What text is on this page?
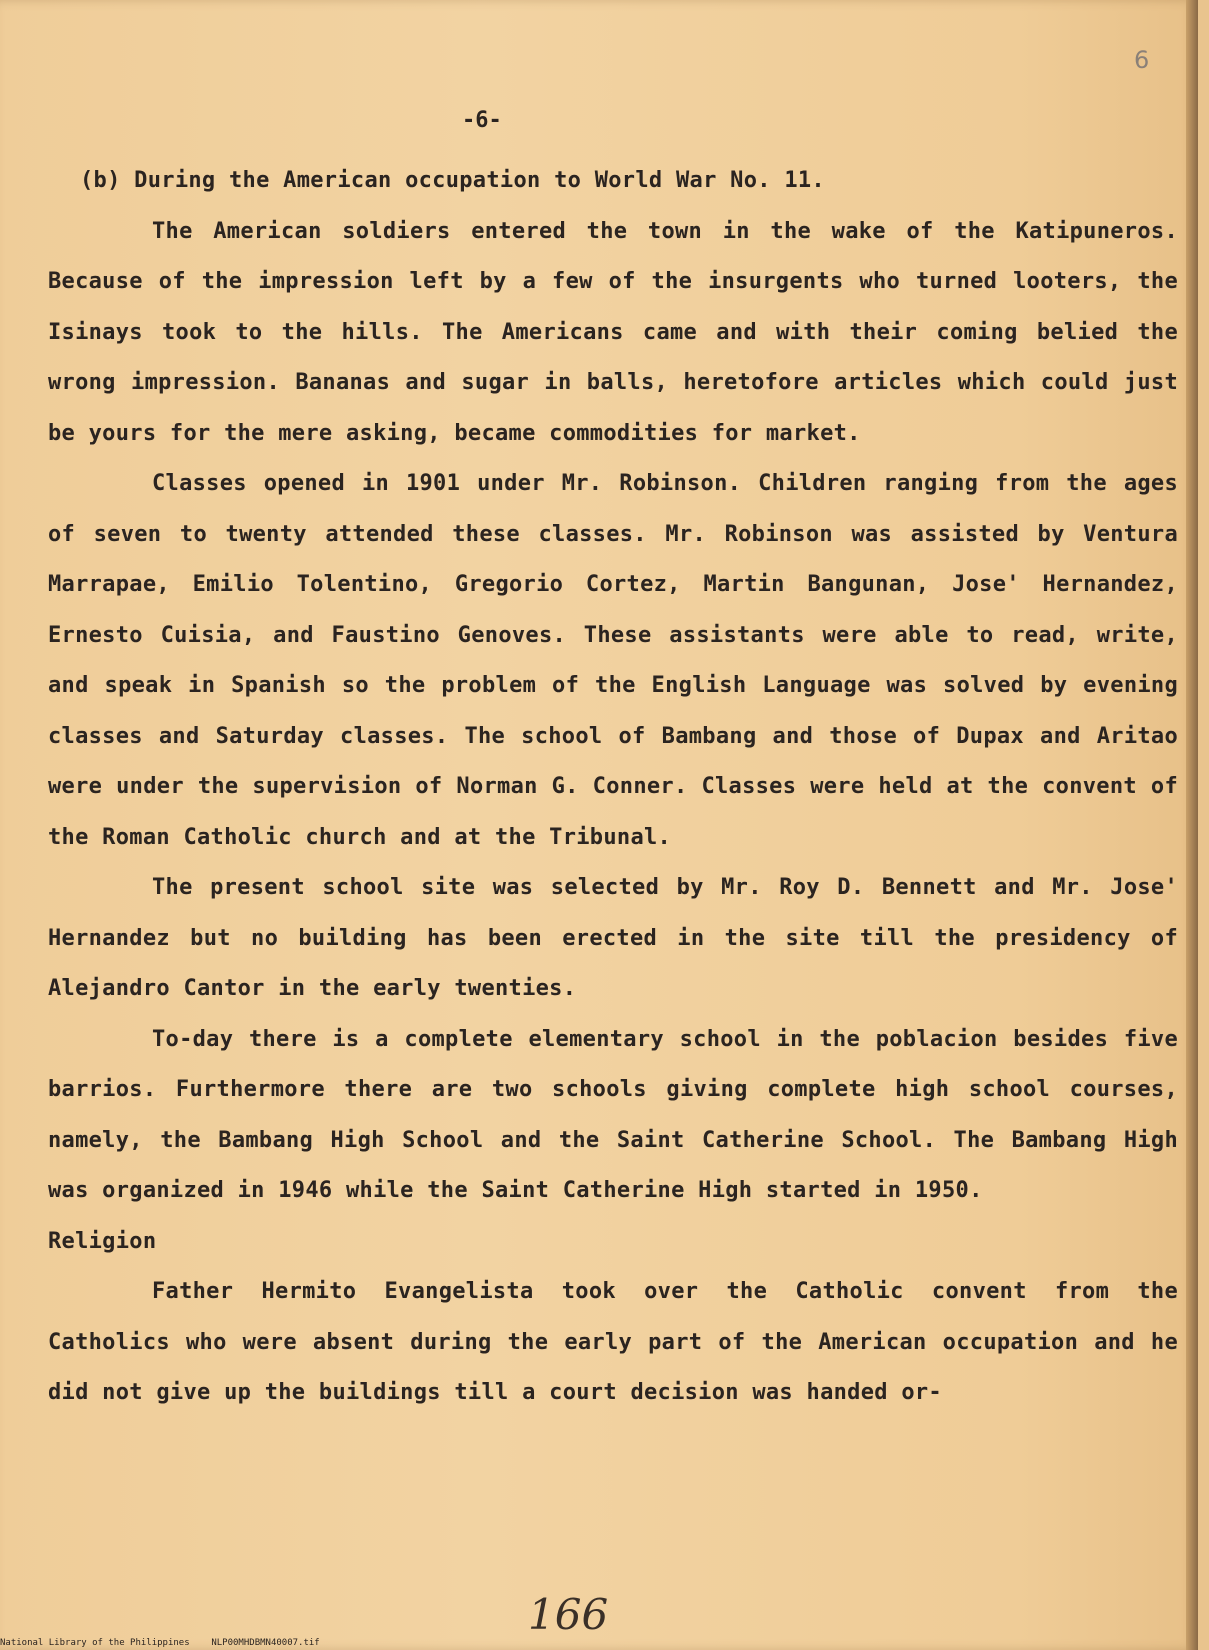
6
-6-

(b) During the American occupation to World War No. 11.

The American soldiers entered the town in the wake of the Katipuneros. Because of the impression left by a few of the insurgents who turned looters, the Isinays took to the hills. The Americans came and with their coming belied the wrong impression. Bananas and sugar in balls, heretofore articles which could just be yours for the mere asking, became commodities for market.

Classes opened in 1901 under Mr. Robinson. Children ranging from the ages of seven to twenty attended these classes. Mr. Robinson was assisted by Ventura Marrapae, Emilio Tolentino, Gregorio Cortez, Martin Bangunan, Jose' Hernandez, Ernesto Cuisia, and Faustino Genoves. These assistants were able to read, write, and speak in Spanish so the problem of the English Language was solved by evening classes and Saturday classes. The school of Bambang and those of Dupax and Aritao were under the supervision of Norman G. Conner. Classes were held at the convent of the Roman Catholic church and at the Tribunal.

The present school site was selected by Mr. Roy D. Bennett and Mr. Jose' Hernandez but no building has been erected in the site till the presidency of Alejandro Cantor in the early twenties.

To-day there is a complete elementary school in the poblacion besides five barrios. Furthermore there are two schools giving complete high school courses, namely, the Bambang High School and the Saint Catherine School. The Bambang High was organized in 1946 while the Saint Catherine High started in 1950.

Religion

Father Hermito Evangelista took over the Catholic convent from the Catholics who were absent during the early part of the American occupation and he did not give up the buildings till a court decision was handed or-

166
National Library of the Philippines NLP00MHDBMN40007.tif
